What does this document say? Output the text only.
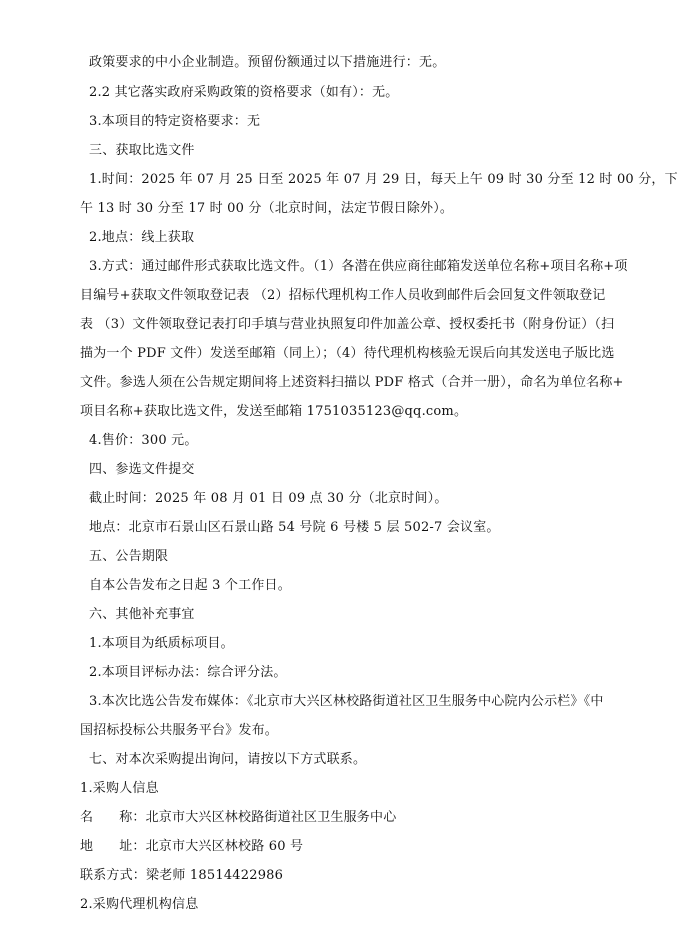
政策要求的中小企业制造。预留份额通过以下措施进行：无。
2.2 其它落实政府采购政策的资格要求（如有）：无。
3.本项目的特定资格要求：无
三、获取比选文件
1.时间：2025 年 07 月 25 日至 2025 年 07 月 29 日，每天上午 09 时 30 分至 12 时 00 分，下
午 13 时 30 分至 17 时 00 分（北京时间，法定节假日除外）。
2.地点：线上获取
3.方式：通过邮件形式获取比选文件。（1）各潜在供应商往邮箱发送单位名称+项目名称+项
目编号+获取文件领取登记表 （2）招标代理机构工作人员收到邮件后会回复文件领取登记
表 （3）文件领取登记表打印手填与营业执照复印件加盖公章、授权委托书（附身份证）（扫
描为一个 PDF 文件）发送至邮箱（同上）；（4）待代理机构核验无误后向其发送电子版比选
文件。参选人须在公告规定期间将上述资料扫描以 PDF 格式（合并一册），命名为单位名称+
项目名称+获取比选文件，发送至邮箱 1751035123@qq.com。
4.售价：300 元。
四、参选文件提交
截止时间：2025 年 08 月 01 日 09 点 30 分（北京时间）。
地点：北京市石景山区石景山路 54 号院 6 号楼 5 层 502-7 会议室。
五、公告期限
自本公告发布之日起 3 个工作日。
六、其他补充事宜
1.本项目为纸质标项目。
2.本项目评标办法：综合评分法。
3.本次比选公告发布媒体：《北京市大兴区林校路街道社区卫生服务中心院内公示栏》《中
国招标投标公共服务平台》发布。
七、对本次采购提出询问，请按以下方式联系。
1.采购人信息
名 称：北京市大兴区林校路街道社区卫生服务中心
地 址：北京市大兴区林校路 60 号
联系方式：梁老师 18514422986
2.采购代理机构信息
